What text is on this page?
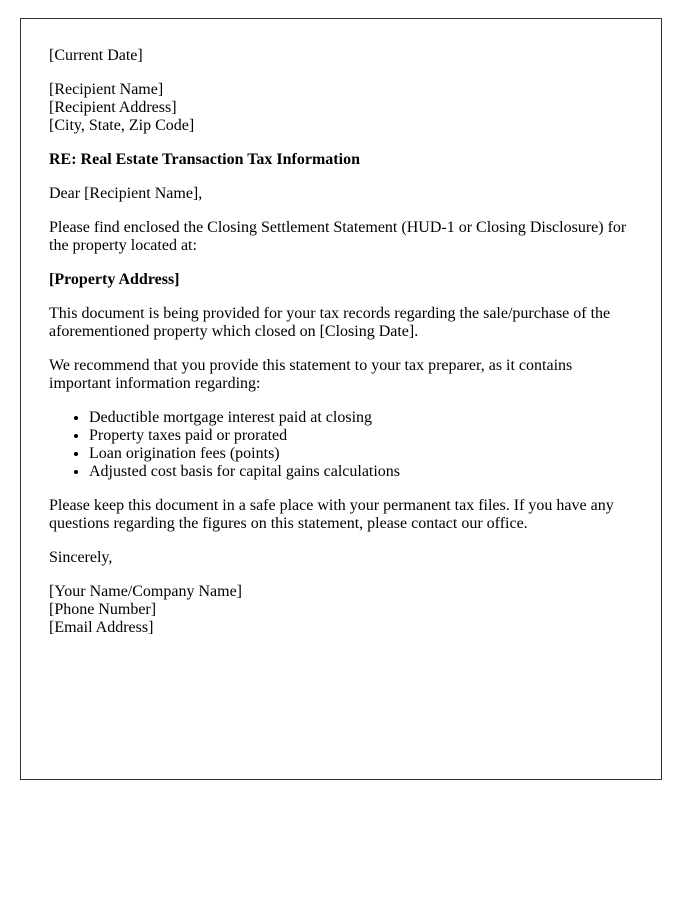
[Current Date]

[Recipient Name]
[Recipient Address]
[City, State, Zip Code]

RE: Real Estate Transaction Tax Information

Dear [Recipient Name],

Please find enclosed the Closing Settlement Statement (HUD-1 or Closing Disclosure) for the property located at:

[Property Address]

This document is being provided for your tax records regarding the sale/purchase of the aforementioned property which closed on [Closing Date].

We recommend that you provide this statement to your tax preparer, as it contains important information regarding:

• Deductible mortgage interest paid at closing
• Property taxes paid or prorated
• Loan origination fees (points)
• Adjusted cost basis for capital gains calculations

Please keep this document in a safe place with your permanent tax files. If you have any questions regarding the figures on this statement, please contact our office.

Sincerely,

[Your Name/Company Name]
[Phone Number]
[Email Address]
